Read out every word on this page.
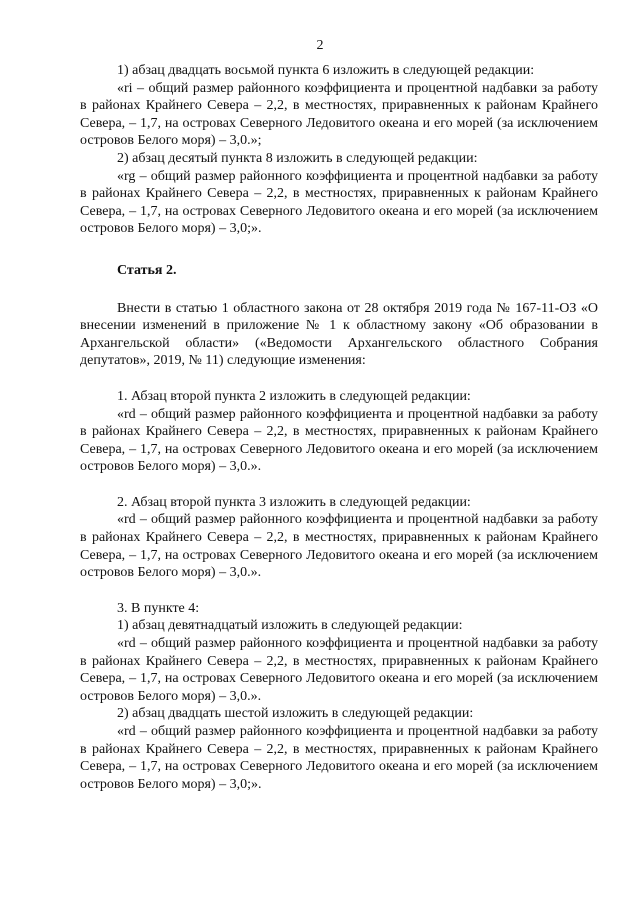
2

1) абзац двадцать восьмой пункта 6 изложить в следующей редакции:

«ri – общий размер районного коэффициента и процентной надбавки за работу в районах Крайнего Севера – 2,2, в местностях, приравненных к районам Крайнего Севера, – 1,7, на островах Северного Ледовитого океана и его морей (за исключением островов Белого моря) – 3,0.»;

2) абзац десятый пункта 8 изложить в следующей редакции:

«rg – общий размер районного коэффициента и процентной надбавки за работу в районах Крайнего Севера – 2,2, в местностях, приравненных к районам Крайнего Севера, – 1,7, на островах Северного Ледовитого океана и его морей (за исключением островов Белого моря) – 3,0;».

Статья 2.

Внести в статью 1 областного закона от 28 октября 2019 года № 167-11-ОЗ «О внесении изменений в приложение № 1 к областному закону «Об образовании в Архангельской области» («Ведомости Архангельского областного Собрания депутатов», 2019, № 11) следующие изменения:

1. Абзац второй пункта 2 изложить в следующей редакции:

«rd – общий размер районного коэффициента и процентной надбавки за работу в районах Крайнего Севера – 2,2, в местностях, приравненных к районам Крайнего Севера, – 1,7, на островах Северного Ледовитого океана и его морей (за исключением островов Белого моря) – 3,0.».

2. Абзац второй пункта 3 изложить в следующей редакции:

«rd – общий размер районного коэффициента и процентной надбавки за работу в районах Крайнего Севера – 2,2, в местностях, приравненных к районам Крайнего Севера, – 1,7, на островах Северного Ледовитого океана и его морей (за исключением островов Белого моря) – 3,0.».

3. В пункте 4:

1) абзац девятнадцатый изложить в следующей редакции:

«rd – общий размер районного коэффициента и процентной надбавки за работу в районах Крайнего Севера – 2,2, в местностях, приравненных к районам Крайнего Севера, – 1,7, на островах Северного Ледовитого океана и его морей (за исключением островов Белого моря) – 3,0.».

2) абзац двадцать шестой изложить в следующей редакции:

«rd – общий размер районного коэффициента и процентной надбавки за работу в районах Крайнего Севера – 2,2, в местностях, приравненных к районам Крайнего Севера, – 1,7, на островах Северного Ледовитого океана и его морей (за исключением островов Белого моря) – 3,0;».
